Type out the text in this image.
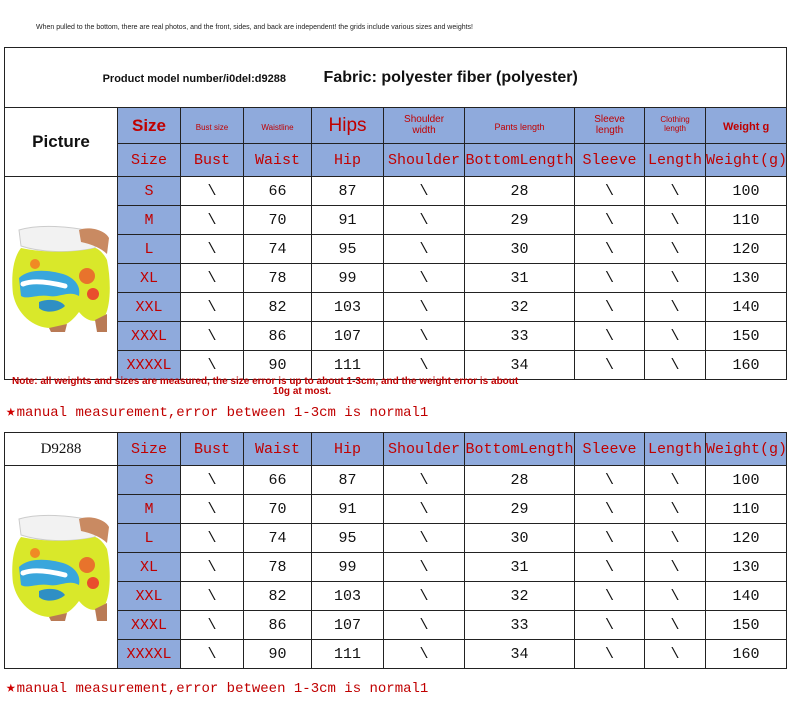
When pulled to the bottom, there are real photos, and the front, sides, and back are independent! the grids include various sizes and weights!
Product model number/i0del:d9288					Fabric: polyester fiber (polyester)				
Picture	Size	Bust size	Waistline	Hips	Shoulder width	Pants length	Sleeve length	Clothing length	Weight g
	Size	Bust	Waist	Hip	Shoulder	BottomLength	Sleeve	Length	Weight(g)

	S	\	66	87	\	28	\	\	100
	M	\	70	91	\	29	\	\	110
	L	\	74	95	\	30	\	\	120
	XL	\	78	99	\	31	\	\	130
	XXL	\	82	103	\	32	\	\	140
	XXXL	\	86	107	\	33	\	\	150
	XXXXL	\	90	111	\	34	\	\	160
Note: all weights and sizes are measured, the size error is up to about 1-3cm, and the weight error is about
10g at most.
★manual measurement,error between 1-3cm is normal1
D9288	Size	Bust	Waist	Hip	Shoulder	BottomLength	Sleeve	Length	Weight(g)

	S	\	66	87	\	28	\	\	100
	M	\	70	91	\	29	\	\	110
	L	\	74	95	\	30	\	\	120
	XL	\	78	99	\	31	\	\	130
	XXL	\	82	103	\	32	\	\	140
	XXXL	\	86	107	\	33	\	\	150
	XXXXL	\	90	111	\	34	\	\	160
★manual measurement,error between 1-3cm is normal1
